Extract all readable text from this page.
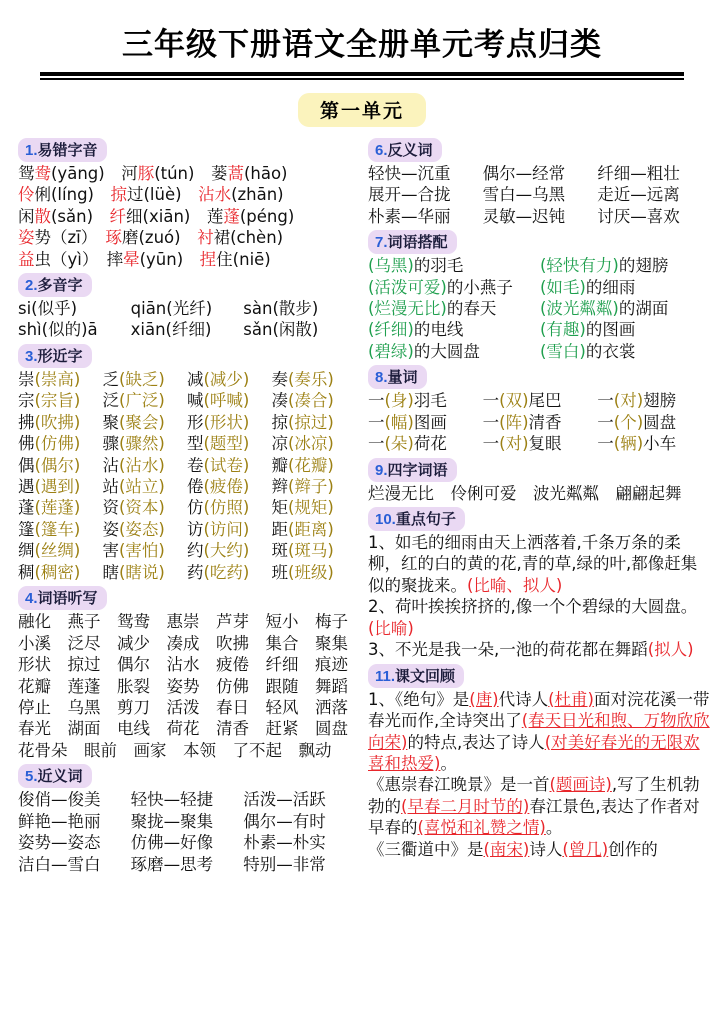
三年级下册语文全册单元考点归类
第一单元
1.易错字音
鸳鸯(yāng)　 河豚(tún)　 蒌蒿(hāo)
伶俐(líng)　 掠过(lüè)　 沾水(zhān)
闲散(sǎn)　 纤细(xiān)　 莲蓬(péng)
姿势（zī）　 琢磨(zuó)　 衬裙(chèn)
益虫（yì）　 摔晕(yūn)　 捏住(niē)
2.多音字
si(似乎)	qiān(光纤)	sàn(散步)
shì(似的)ā	xiān(纤细)	sǎn(闲散)
3.形近字
崇(崇高)	乏(缺乏)	减(减少)	奏(奏乐)
宗(宗旨)	泛(广泛)	喊(呼喊)	凑(凑合)
拂(吹拂)	聚(聚会)	形(形状)	掠(掠过)
佛(仿佛)	骤(骤然)	型(题型)	凉(冰凉)
偶(偶尔)	沾(沾水)	卷(试卷)	瓣(花瓣)
遇(遇到)	站(站立)	倦(疲倦)	辫(辫子)
蓬(莲蓬)	资(资本)	仿(仿照)	矩(规矩)
篷(篷车)	姿(姿态)	访(访问)	距(距离)
绸(丝绸)	害(害怕)	约(大约)	斑(斑马)
稠(稠密)	瞎(瞎说)	药(吃药)	班(班级)
4.词语听写
融化　燕子　鸳鸯　惠崇　芦芽　短小　梅子
小溪　泛尽　减少　凑成　吹拂　集合　聚集
形状　掠过　偶尔　沾水　疲倦　纤细　痕迹
花瓣　莲蓬　胀裂　姿势　仿佛　跟随　舞蹈
停止　乌黑　剪刀　活泼　春日　轻风　洒落
春光　湖面　电线　荷花　清香　赶紧　圆盘
花骨朵　眼前　画家　本领　了不起　飘动
5.近义词
俊俏—俊美	轻快—轻捷	活泼—活跃
鲜艳—艳丽	聚拢—聚集	偶尔—有时
姿势—姿态	仿佛—好像	朴素—朴实
洁白—雪白	琢磨—思考	特别—非常
6.反义词
轻快—沉重	偶尔—经常	纤细—粗壮
展开—合拢	雪白—乌黑	走近—远离
朴素—华丽	灵敏—迟钝	讨厌—喜欢
7.词语搭配
(乌黑)的羽毛	(轻快有力)的翅膀
(活泼可爱)的小燕子	(如毛)的细雨
(烂漫无比)的春天	(波光粼粼)的湖面
(纤细)的电线	(有趣)的图画
(碧绿)的大圆盘	(雪白)的衣裳
8.量词
一(身)羽毛	一(双)尾巴	一(对)翅膀
一(幅)图画	一(阵)清香	一(个)圆盘
一(朵)荷花	一(对)复眼	一(辆)小车
9.四字词语
烂漫无比　伶俐可爱　波光粼粼　翩翩起舞
10.重点句子
1、如毛的细雨由天上洒落着,千条万条的柔柳，红的白的黄的花,青的草,绿的叶,都像赶集似的聚拢来。(比喻、拟人)
2、荷叶挨挨挤挤的,像一个个碧绿的大圆盘。(比喻)
3、不光是我一朵,一池的荷花都在舞蹈(拟人)
11.课文回顾
1、《绝句》是(唐)代诗人(杜甫)面对浣花溪一带春光而作,全诗突出了(春天日光和煦、万物欣欣向荣)的特点,表达了诗人(对美好春光的无限欢喜和热爱)。
《惠崇春江晚景》是一首(题画诗),写了生机勃勃的(早春二月时节的)春江景色,表达了作者对早春的(喜悦和礼赞之情)。
《三衢道中》是(南宋)诗人(曾几)创作的
